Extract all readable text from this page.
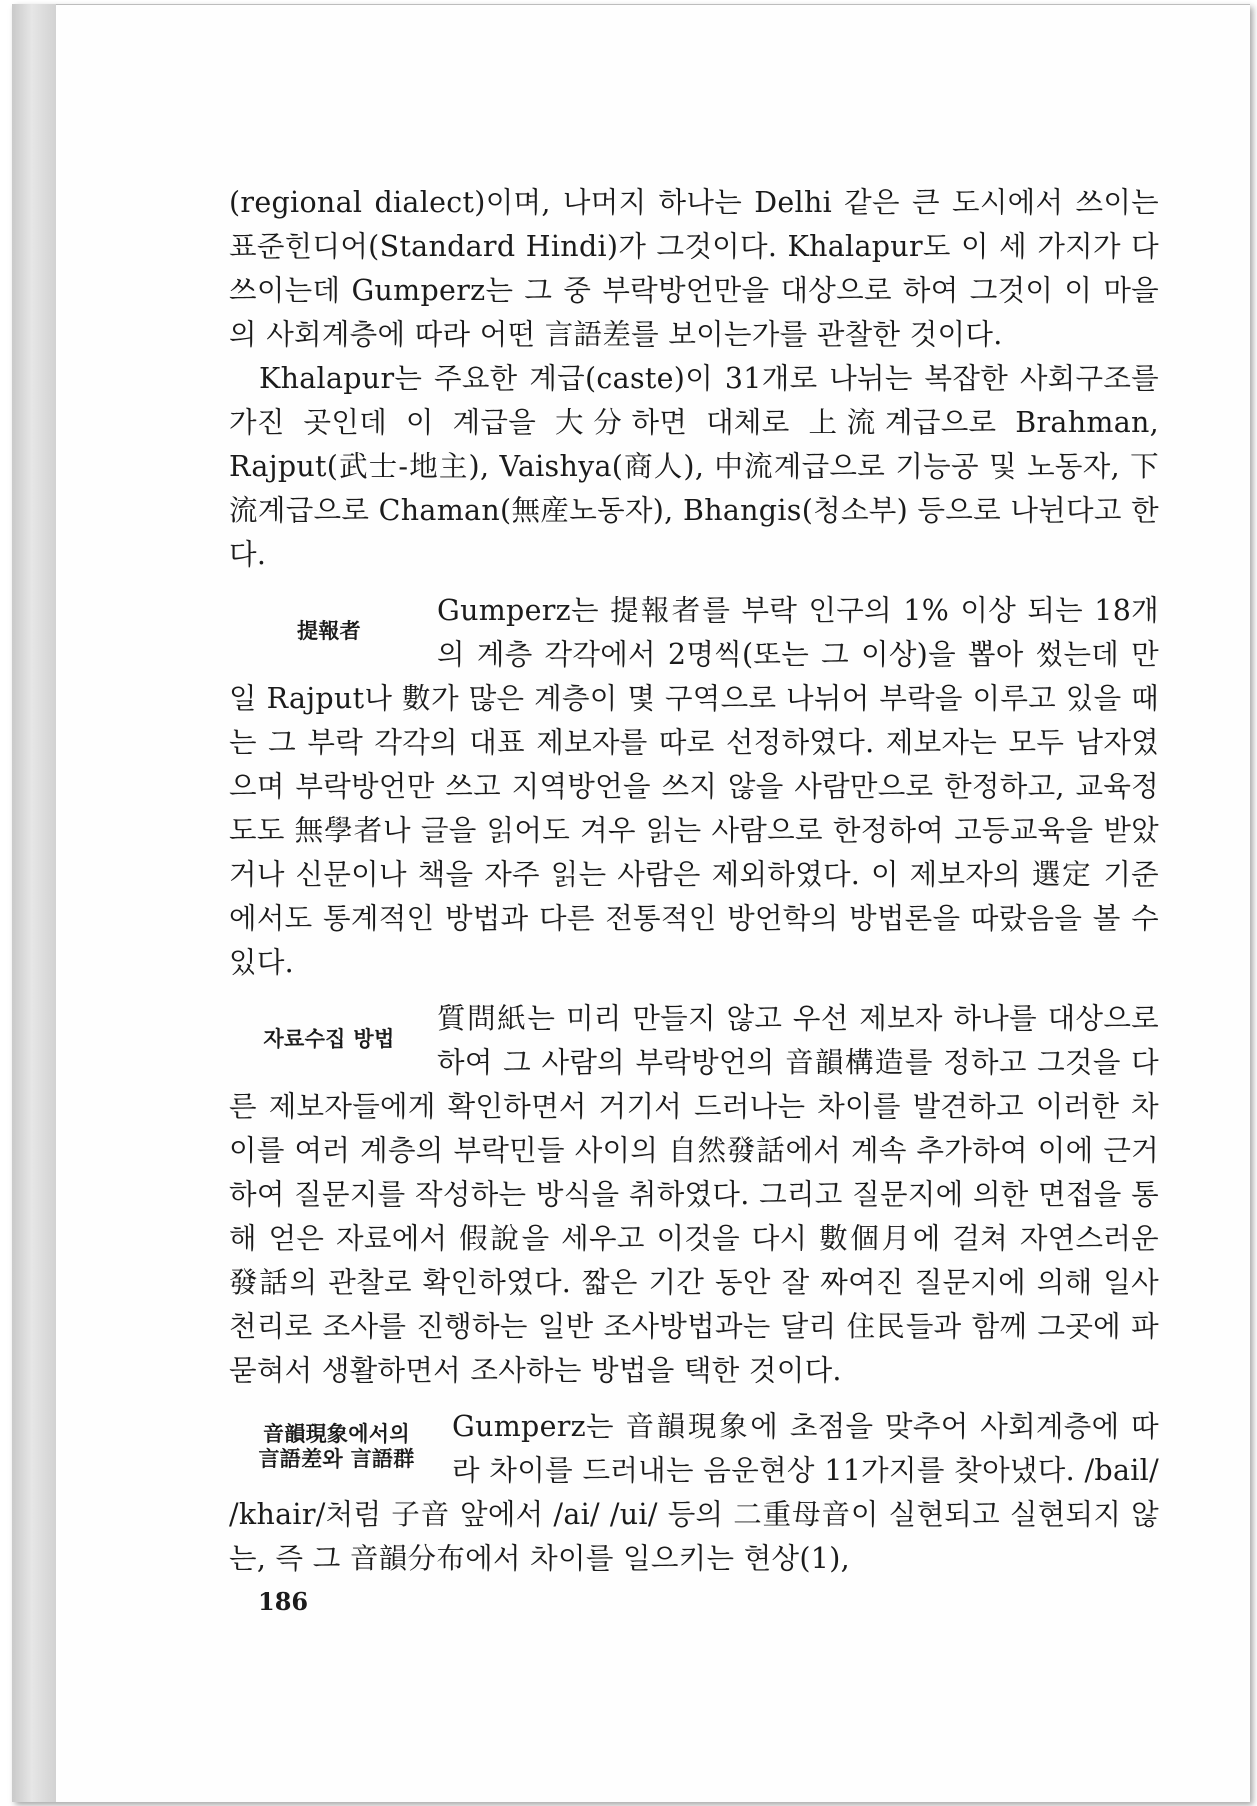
(regional dialect)이며, 나머지 하나는 Delhi 같은 큰 도시에서 쓰이는 표준힌디어(Standard Hindi)가 그것이다. Khalapur도 이 세 가지가 다 쓰이는데 Gumperz는 그 중 부락방언만을 대상으로 하여 그것이 이 마을의 사회계층에 따라 어떤 言語差를 보이는가를 관찰한 것이다.

Khalapur는 주요한 계급(caste)이 31개로 나뉘는 복잡한 사회구조를 가진 곳인데 이 계급을 大分하면 대체로 上流계급으로 Brahman, Rajput(武士-地主), Vaishya(商人), 中流계급으로 기능공 및 노동자, 下流계급으로 Chaman(無産노동자), Bhangis(청소부) 등으로 나뉜다고 한다.

提報者

Gumperz는 提報者를 부락 인구의 1% 이상 되는 18개의 계층 각각에서 2명씩(또는 그 이상)을 뽑아 썼는데 만일 Rajput나 數가 많은 계층이 몇 구역으로 나뉘어 부락을 이루고 있을 때는 그 부락 각각의 대표 제보자를 따로 선정하였다. 제보자는 모두 남자였으며 부락방언만 쓰고 지역방언을 쓰지 않을 사람만으로 한정하고, 교육정도도 無學者나 글을 읽어도 겨우 읽는 사람으로 한정하여 고등교육을 받았거나 신문이나 책을 자주 읽는 사람은 제외하였다. 이 제보자의 選定 기준에서도 통계적인 방법과 다른 전통적인 방언학의 방법론을 따랐음을 볼 수 있다.

자료수집 방법

質問紙는 미리 만들지 않고 우선 제보자 하나를 대상으로 하여 그 사람의 부락방언의 音韻構造를 정하고 그것을 다른 제보자들에게 확인하면서 거기서 드러나는 차이를 발견하고 이러한 차이를 여러 계층의 부락민들 사이의 自然發話에서 계속 추가하여 이에 근거하여 질문지를 작성하는 방식을 취하였다. 그리고 질문지에 의한 면접을 통해 얻은 자료에서 假說을 세우고 이것을 다시 數個月에 걸쳐 자연스러운 發話의 관찰로 확인하였다. 짧은 기간 동안 잘 짜여진 질문지에 의해 일사천리로 조사를 진행하는 일반 조사방법과는 달리 住民들과 함께 그곳에 파묻혀서 생활하면서 조사하는 방법을 택한 것이다.

音韻現象에서의
言語差와 言語群

Gumperz는 音韻現象에 초점을 맞추어 사회계층에 따라 차이를 드러내는 음운현상 11가지를 찾아냈다. /bail/ /khair/처럼 子音 앞에서 /ai/ /ui/ 등의 二重母音이 실현되고 실현되지 않는, 즉 그 音韻分布에서 차이를 일으키는 현상(1),

186
